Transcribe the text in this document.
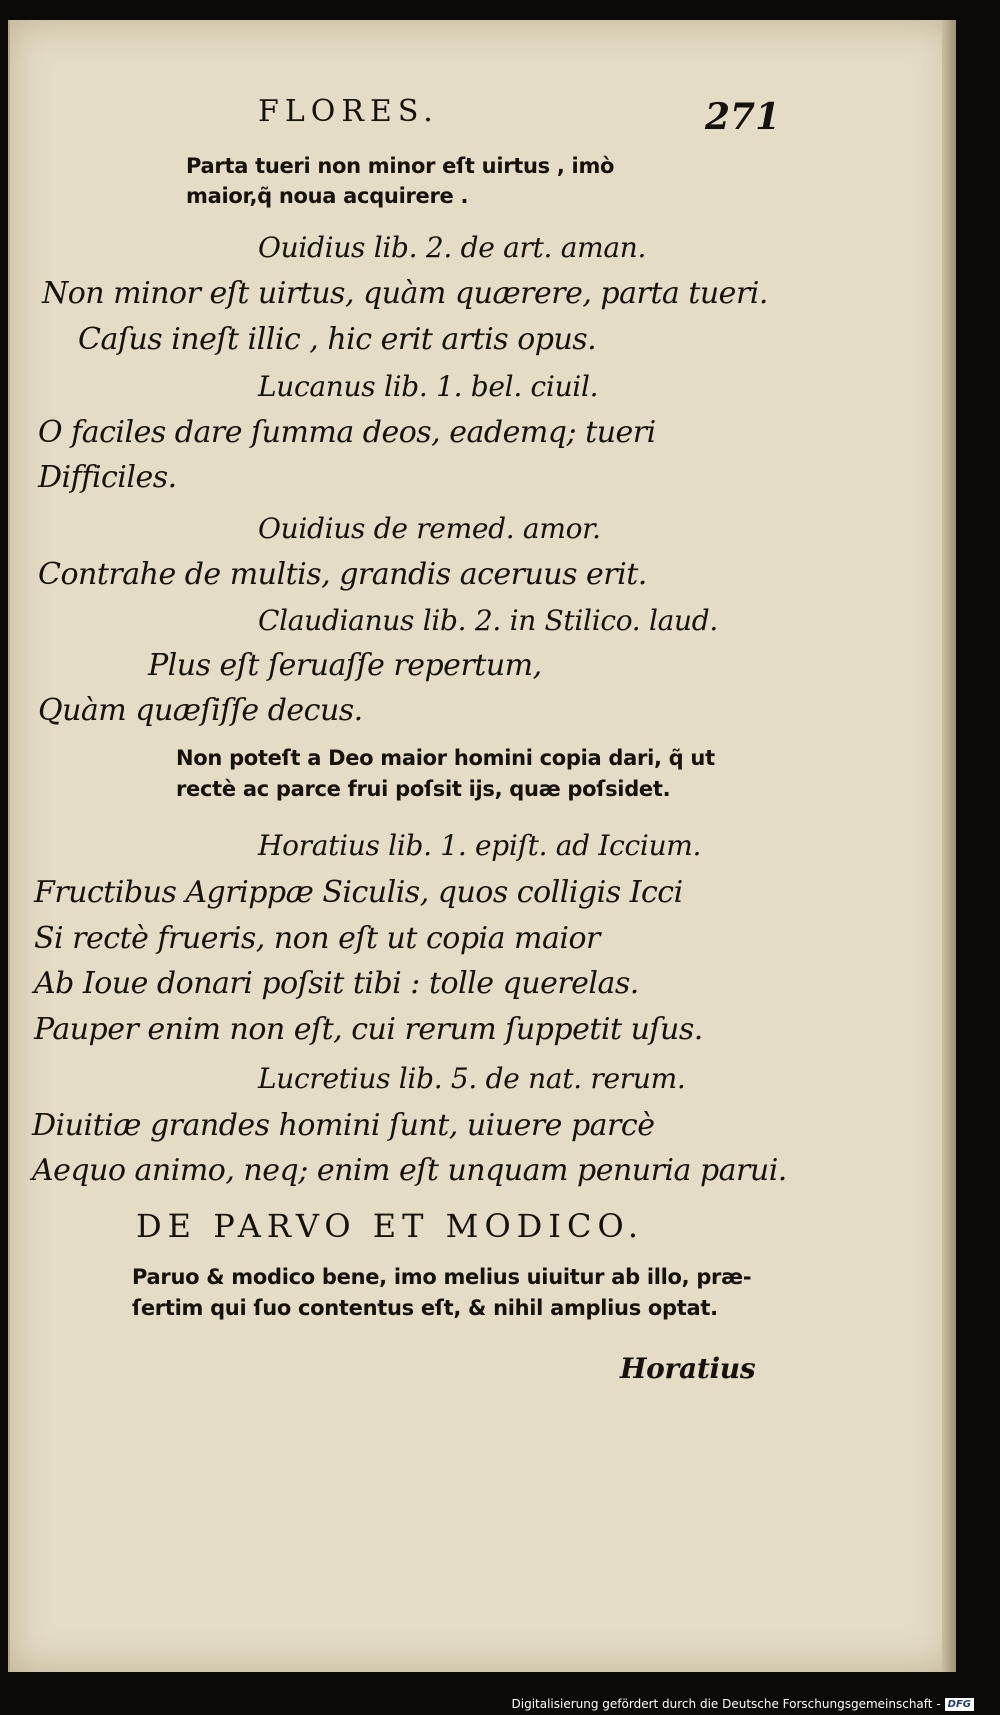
FLORES.	271
Parta tueri non minor eſt uirtus , imò
maior,q̃ noua acquirere .
Ouidius lib. 2. de art. aman.
Non minor eſt uirtus, quàm quærere, parta tueri.
Caſus ineſt illic , hic erit artis opus.
Lucanus lib. 1. bel. ciuil.
O faciles dare ſumma deos, eademq; tueri
Difficiles.
Ouidius de remed. amor.
Contrahe de multis, grandis aceruus erit.
Claudianus lib. 2. in Stilico. laud.
Plus eſt ſeruaſſe repertum,
Quàm quæſiſſe decus.
Non poteſt a Deo maior homini copia dari, q̃ ut
rectè ac parce frui poſsit ijs, quæ poſsidet.
Horatius lib. 1. epiſt. ad Iccium.
Fructibus Agrippæ Siculis, quos colligis Icci
Si rectè frueris, non eſt ut copia maior
Ab Ioue donari poſsit tibi : tolle querelas.
Pauper enim non eſt, cui rerum ſuppetit uſus.
Lucretius lib. 5. de nat. rerum.
Diuitiæ grandes homini ſunt, uiuere parcè
Aequo animo, neq; enim eſt unquam penuria parui.
DE PARVO ET MODICO.
Paruo & modico bene, imo melius uiuitur ab illo, præ-
ſertim qui ſuo contentus eſt, & nihil amplius optat.
Horatius
Digitalisierung gefördert durch die Deutsche Forschungsgemeinschaft - DFG
